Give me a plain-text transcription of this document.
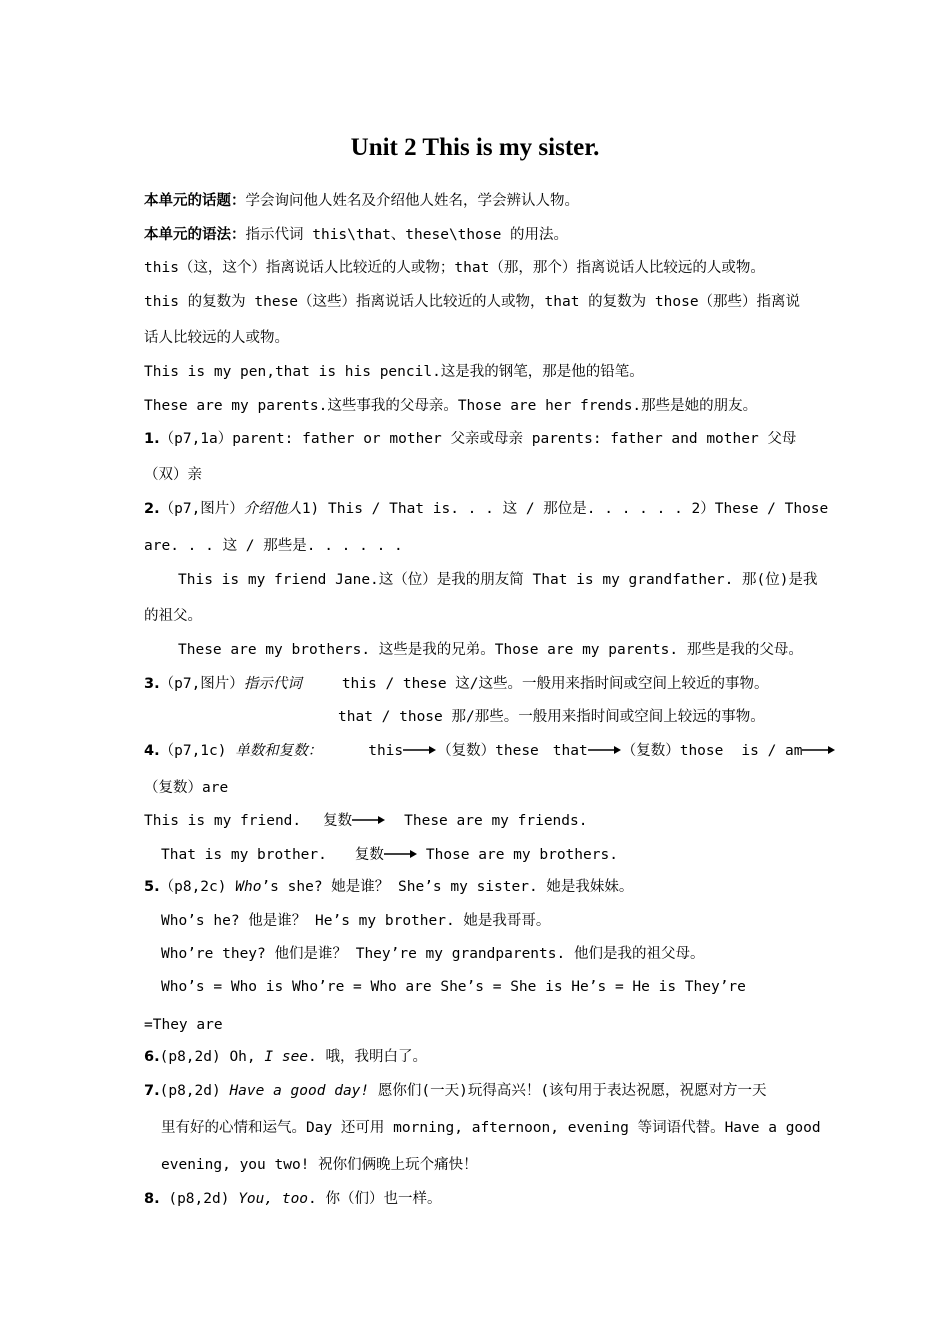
Unit 2 This is my sister.
本单元的话题：学会询问他人姓名及介绍他人姓名，学会辨认人物。
本单元的语法：指示代词 this\that、these\those 的用法。
this（这，这个）指离说话人比较近的人或物；that（那，那个）指离说话人比较远的人或物。
this 的复数为 these（这些）指离说话人比较近的人或物，that 的复数为 those（那些）指离说
话人比较远的人或物。
This is my pen,that is his pencil.这是我的钢笔，那是他的铅笔。
These are my parents.这些事我的父母亲。Those are her frends.那些是她的朋友。
1.（p7,1a）parent: father or mother 父亲或母亲 parents: father and mother 父母
（双）亲
2.（p7,图片）介绍他人1) This / That is. . . 这 / 那位是. . . . . . 2）These / Those
are. . . 这 / 那些是. . . . . .
This is my friend Jane.这（位）是我的朋友简 That is my grandfather. 那(位)是我
的祖父。
These are my brothers. 这些是我的兄弟。Those are my parents. 那些是我的父母。
3.（p7,图片）指示代词	this / these 这/这些。一般用来指时间或空间上较近的事物。
that / those 那/那些。一般用来指时间或空间上较远的事物。
4.（p7,1c) 单数和复数：	this （复数）these that （复数）those is / am
（复数）are
This is my friend. 复数	These are my friends.
That is my brother. 复数	Those are my brothers.
5.（p8,2c) Who’s she? 她是谁？ She’s my sister. 她是我妹妹。
Who’s he? 他是谁？ He’s my brother. 她是我哥哥。
Who’re they? 他们是谁？ They’re my grandparents. 他们是我的祖父母。
Who’s = Who is Who’re = Who are She’s = She is He’s = He is They’re
=They are
6.(p8,2d) Oh, I see. 哦，我明白了。
7.(p8,2d) Have a good day! 愿你们(一天)玩得高兴！(该句用于表达祝愿，祝愿对方一天
里有好的心情和运气。Day 还可用 morning, afternoon, evening 等词语代替。Have a good
evening, you two! 祝你们俩晚上玩个痛快！
8. (p8,2d) You, too. 你（们）也一样。
